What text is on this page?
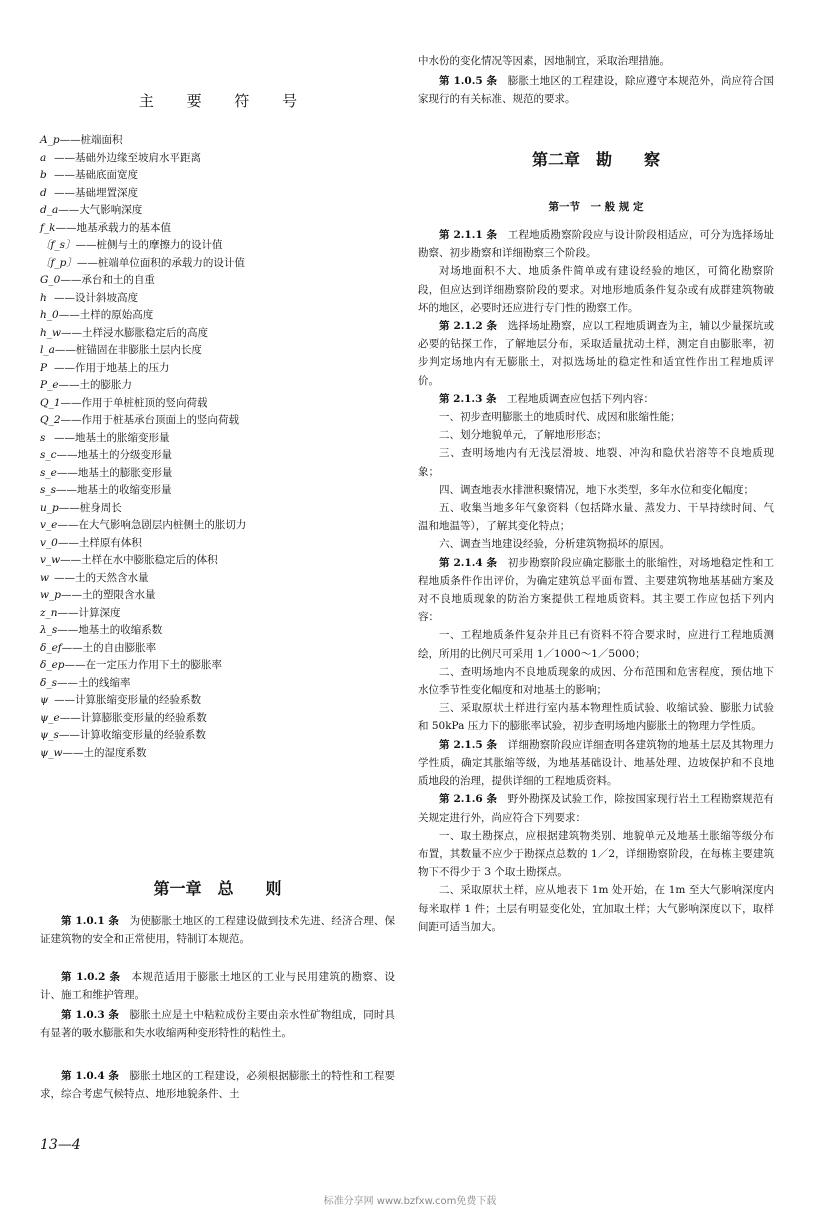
主 要 符 号
A_p——桩端面积
a ——基础外边缘至坡肩水平距离
b ——基础底面宽度
d ——基础埋置深度
d_a——大气影响深度
f_k——地基承载力的基本值
〔f_s〕——桩侧与土的摩擦力的设计值
〔f_p〕——桩端单位面积的承载力的设计值
G_0——承台和土的自重
h ——设计斜坡高度
h_0——土样的原始高度
h_w——土样浸水膨胀稳定后的高度
l_a——桩锚固在非膨胀土层内长度
P ——作用于地基上的压力
P_e——土的膨胀力
Q_1——作用于单桩桩顶的竖向荷载
Q_2——作用于桩基承台顶面上的竖向荷载
s ——地基土的胀缩变形量
s_c——地基土的分级变形量
s_e——地基土的膨胀变形量
s_s——地基土的收缩变形量
u_p——桩身周长
v_e——在大气影响急剧层内桩侧土的胀切力
v_0——土样原有体积
v_w——土样在水中膨胀稳定后的体积
w ——土的天然含水量
w_p——土的塑限含水量
z_n——计算深度
λ_s——地基土的收缩系数
δ_ef——土的自由膨胀率
δ_ep——在一定压力作用下土的膨胀率
δ_s——土的线缩率
ψ ——计算胀缩变形量的经验系数
ψ_e——计算膨胀变形量的经验系数
ψ_s——计算收缩变形量的经验系数
ψ_w——土的湿度系数
第一章　总　　则

第 1.0.1 条　为使膨胀土地区的工程建设做到技术先进、经济合理、保证建筑物的安全和正常使用，特制订本规范。

第 1.0.2 条　本规范适用于膨胀土地区的工业与民用建筑的勘察、设计、施工和维护管理。

第 1.0.3 条　膨胀土应是土中粘粒成份主要由亲水性矿物组成，同时具有显著的吸水膨胀和失水收缩两种变形特性的粘性土。

第 1.0.4 条　膨胀土地区的工程建设，必须根据膨胀土的特性和工程要求，综合考虑气候特点、地形地貌条件、土

中水份的变化情况等因素，因地制宜，采取治理措施。

第 1.0.5 条　膨胀土地区的工程建设，除应遵守本规范外，尚应符合国家现行的有关标准、规范的要求。

第二章　勘　　察
第一节　一 般 规 定

第 2.1.1 条　工程地质勘察阶段应与设计阶段相适应，可分为选择场址勘察、初步勘察和详细勘察三个阶段。

对场地面积不大、地质条件简单或有建设经验的地区，可简化勘察阶段，但应达到详细勘察阶段的要求。对地形地质条件复杂或有成群建筑物破坏的地区，必要时还应进行专门性的勘察工作。

第 2.1.2 条　选择场址勘察，应以工程地质调查为主，辅以少量探坑或必要的钻探工作，了解地层分布，采取适量扰动土样，测定自由膨胀率，初步判定场地内有无膨胀土，对拟选场址的稳定性和适宜性作出工程地质评价。

第 2.1.3 条　工程地质调查应包括下列内容：

一、初步查明膨胀土的地质时代、成因和胀缩性能；

二、划分地貌单元，了解地形形态；

三、查明场地内有无浅层滑坡、地裂、冲沟和隐伏岩溶等不良地质现象；

四、调查地表水排泄积聚情况，地下水类型，多年水位和变化幅度；

五、收集当地多年气象资料（包括降水量、蒸发力、干旱持续时间、气温和地温等），了解其变化特点；

六、调查当地建设经验，分析建筑物损坏的原因。

第 2.1.4 条　初步勘察阶段应确定膨胀土的胀缩性，对场地稳定性和工程地质条件作出评价，为确定建筑总平面布置、主要建筑物地基基础方案及对不良地质现象的防治方案提供工程地质资料。其主要工作应包括下列内容：

一、工程地质条件复杂并且已有资料不符合要求时，应进行工程地质测绘，所用的比例尺可采用 1／1000～1／5000；

二、查明场地内不良地质现象的成因、分布范围和危害程度，预估地下水位季节性变化幅度和对地基土的影响；

三、采取原状土样进行室内基本物理性质试验、收缩试验、膨胀力试验和 50kPa 压力下的膨胀率试验，初步查明场地内膨胀土的物理力学性质。

第 2.1.5 条　详细勘察阶段应详细查明各建筑物的地基土层及其物理力学性质，确定其胀缩等级，为地基基础设计、地基处理、边坡保护和不良地质地段的治理，提供详细的工程地质资料。

第 2.1.6 条　野外勘探及试验工作，除按国家现行岩土工程勘察规范有关规定进行外，尚应符合下列要求：

一、取土勘探点，应根据建筑物类别、地貌单元及地基土胀缩等级分布布置，其数量不应少于勘探点总数的 1／2，详细勘察阶段，在每栋主要建筑物下不得少于 3 个取土勘探点。

二、采取原状土样，应从地表下 1m 处开始，在 1m 至大气影响深度内每米取样 1 件；土层有明显变化处，宜加取土样；大气影响深度以下，取样间距可适当加大。

13—4
标准分享网 www.bzfxw.com免费下载
